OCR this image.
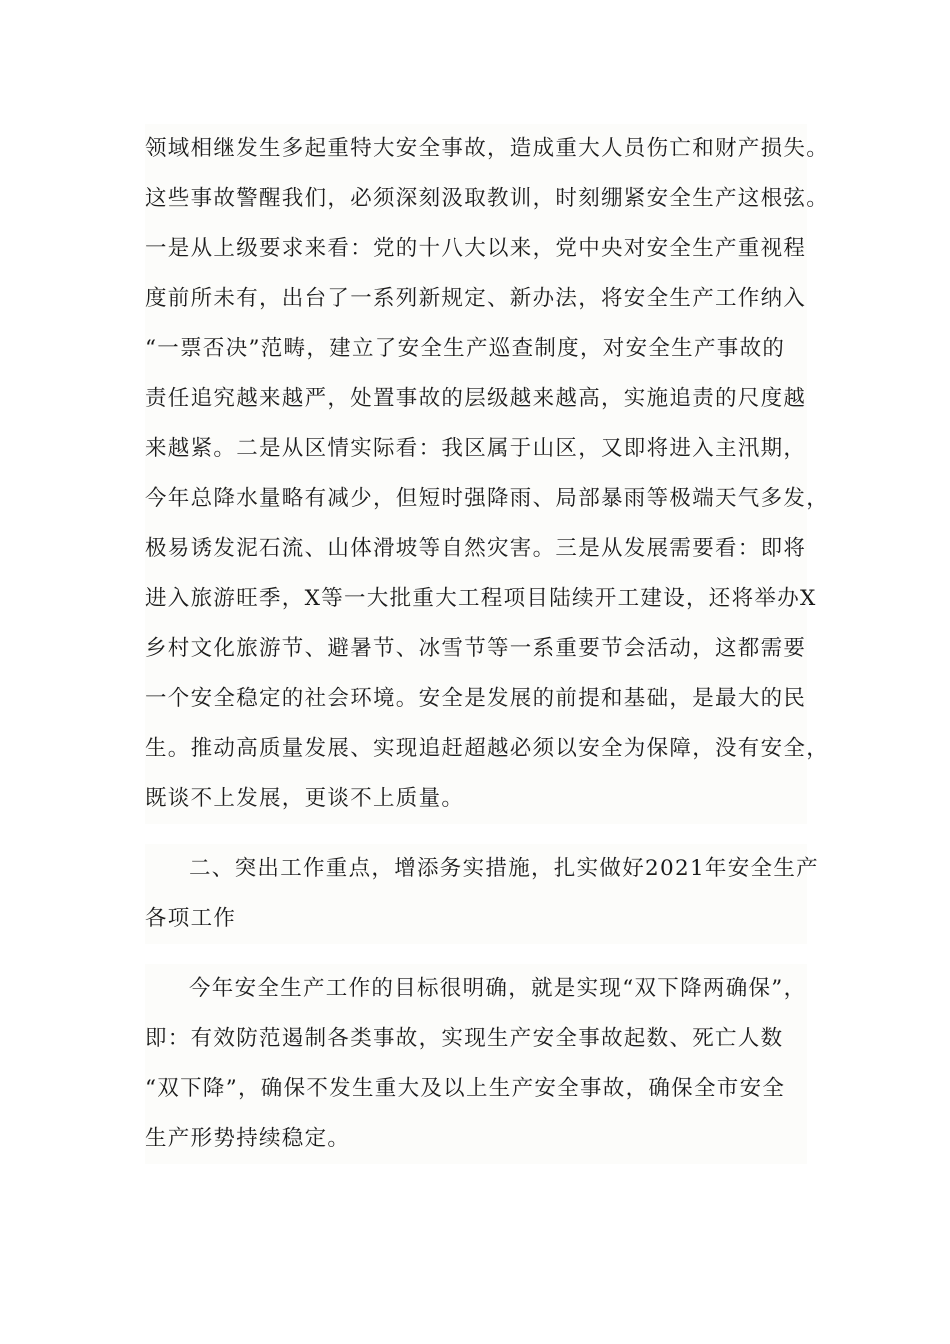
领域相继发生多起重特大安全事故，造成重大人员伤亡和财产损失。
这些事故警醒我们，必须深刻汲取教训，时刻绷紧安全生产这根弦。
一是从上级要求来看：党的十八大以来，党中央对安全生产重视程
度前所未有，出台了一系列新规定、新办法，将安全生产工作纳入
“一票否决”范畴，建立了安全生产巡查制度，对安全生产事故的
责任追究越来越严，处置事故的层级越来越高，实施追责的尺度越
来越紧。二是从区情实际看：我区属于山区，又即将进入主汛期，
今年总降水量略有减少，但短时强降雨、局部暴雨等极端天气多发，
极易诱发泥石流、山体滑坡等自然灾害。三是从发展需要看：即将
进入旅游旺季，X等一大批重大工程项目陆续开工建设，还将举办X
乡村文化旅游节、避暑节、冰雪节等一系重要节会活动，这都需要
一个安全稳定的社会环境。安全是发展的前提和基础，是最大的民
生。推动高质量发展、实现追赶超越必须以安全为保障，没有安全，
既谈不上发展，更谈不上质量。
二、突出工作重点，增添务实措施，扎实做好2021年安全生产
各项工作
今年安全生产工作的目标很明确，就是实现“双下降两确保”，
即：有效防范遏制各类事故，实现生产安全事故起数、死亡人数
“双下降”，确保不发生重大及以上生产安全事故，确保全市安全
生产形势持续稳定。
